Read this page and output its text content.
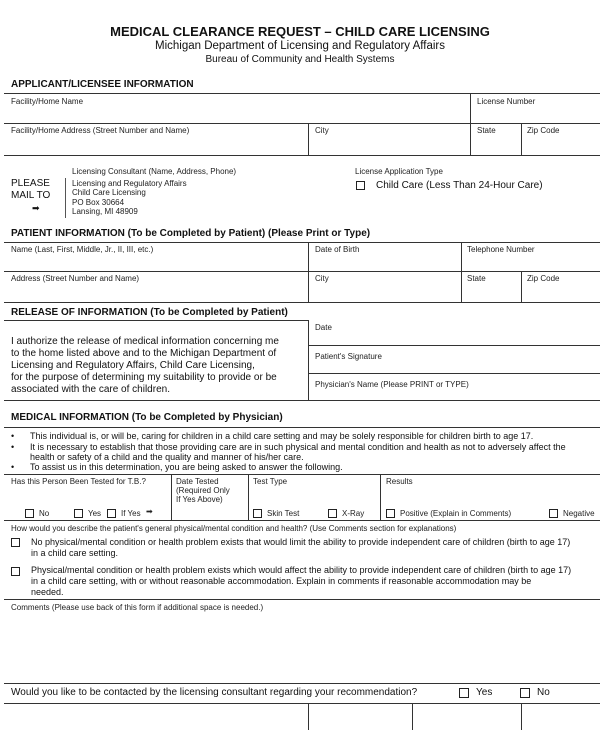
MEDICAL CLEARANCE REQUEST – CHILD CARE LICENSING
Michigan Department of Licensing and Regulatory Affairs
Bureau of Community and Health Systems
APPLICANT/LICENSEE INFORMATION
Facility/Home Name	License Number
Facility/Home Address (Street Number and Name)	City	State	Zip Code
PLEASE
MAIL TO
➡
Licensing Consultant (Name, Address, Phone)
Licensing and Regulatory Affairs
Child Care Licensing
PO Box 30664
Lansing, MI 48909
License Application Type
Child Care (Less Than 24-Hour Care)
PATIENT INFORMATION (To be Completed by Patient) (Please Print or Type)
Name (Last, First, Middle, Jr., II, III, etc.)	Date of Birth	Telephone Number
Address (Street Number and Name)	City	State	Zip Code
RELEASE OF INFORMATION (To be Completed by Patient)
Date
Patient's Signature
Physician's Name (Please PRINT or TYPE)
I authorize the release of medical information concerning me
to the home listed above and to the Michigan Department of
Licensing and Regulatory Affairs, Child Care Licensing,
for the purpose of determining my suitability to provide or be
associated with the care of children.
MEDICAL INFORMATION (To be Completed by Physician)
• This individual is, or will be, caring for children in a child care setting and may be solely responsible for children birth to age 17.
• It is necessary to establish that those providing care are in such physical and mental condition and health as not to adversely affect the
health or safety of a child and the quality and manner of his/her care.
• To assist us in this determination, you are being asked to answer the following.
Has this Person Been Tested for T.B.?	Date Tested
(Required Only
If Yes Above)
Test Type	Results
No	Yes If Yes ➡	Skin Test	X-Ray	Positive (Explain in Comments)	Negative
How would you describe the patient's general physical/mental condition and health? (Use Comments section for explanations)
No physical/mental condition or health problem exists that would limit the ability to provide independent care of children (birth to age 17)
in a child care setting.
Physical/mental condition or health problem exists which would affect the ability to provide independent care of children (birth to age 17)
in a child care setting, with or without reasonable accommodation. Explain in comments if reasonable accommodation may be
needed.
Comments (Please use back of this form if additional space is needed.)
Would you like to be contacted by the licensing consultant regarding your recommendation?	Yes	No
